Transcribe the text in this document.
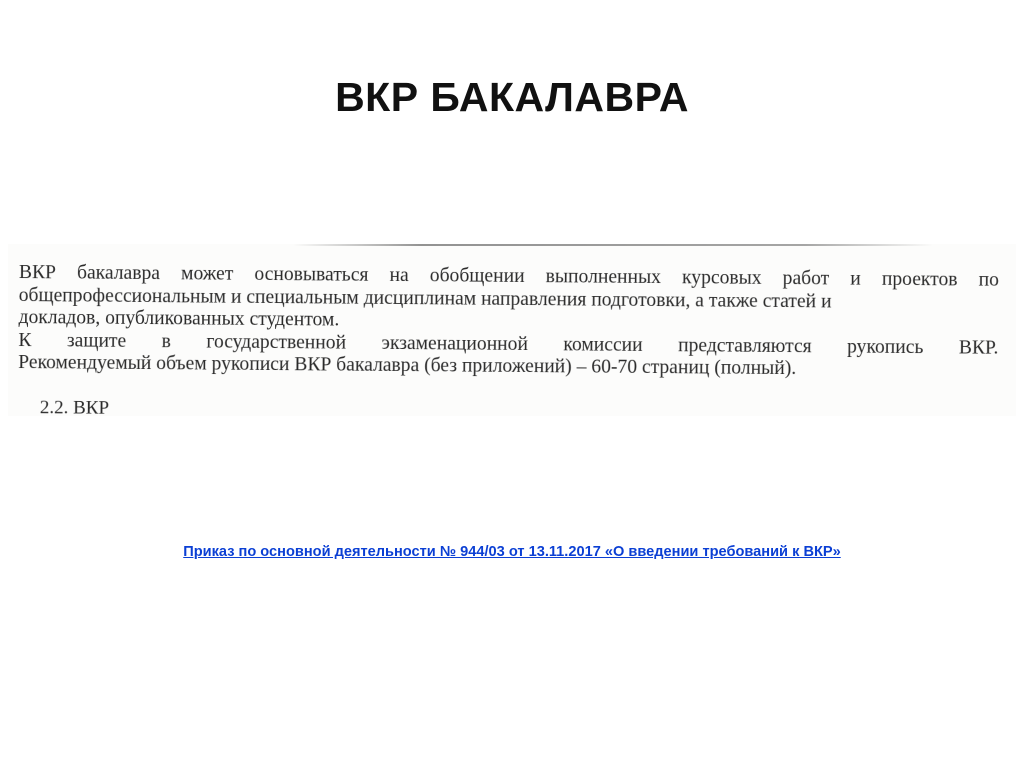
ВКР БАКАЛАВРА
ВКР бакалавра может основываться на обобщении выполненных курсовых работ и проектов по
общепрофессиональным и специальным дисциплинам направления подготовки, а также статей и
докладов, опубликованных студентом.
К защите в государственной экзаменационной комиссии представляются рукопись ВКР.
Рекомендуемый объем рукописи ВКР бакалавра (без приложений) – 60-70 страниц (полный).
2.2. ВКР
Приказ по основной деятельности № 944/03 от 13.11.2017 «О введении требований к ВКР»
